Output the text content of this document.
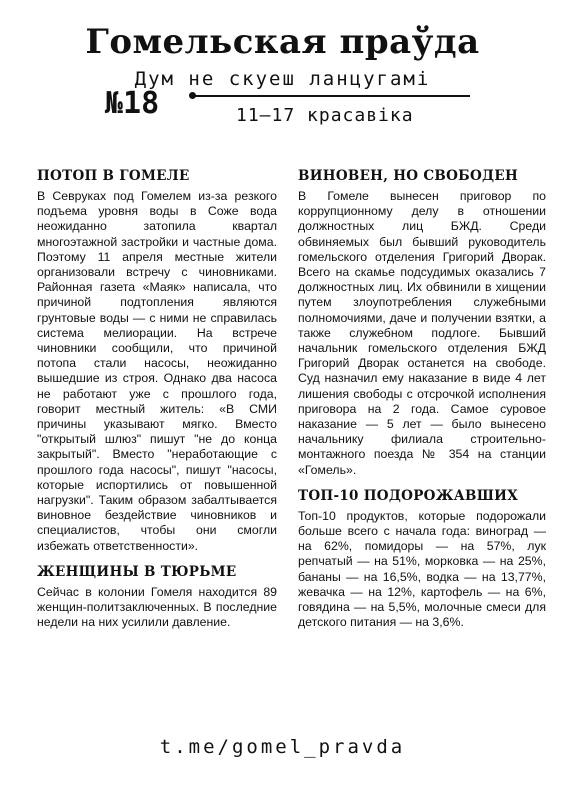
Гомельская праўда
Дум не скуеш ланцугамі
№18	11—17 красавіка
ПОТОП В ГОМЕЛЕ

В Севруках под Гомелем из-за резкого подъема уровня воды в Соже вода неожиданно затопила квартал многоэтажной застройки и частные дома. Поэтому 11 апреля местные жители организовали встречу с чиновниками. Районная газета «Маяк» написала, что причиной подтопления являются грунтовые воды — с ними не справилась система мелиорации. На встрече чиновники сообщили, что причиной потопа стали насосы, неожиданно вышедшие из строя. Однако два насоса не работают уже с прошлого года, говорит местный житель: «В СМИ причины указывают мягко. Вместо "открытый шлюз" пишут "не до конца закрытый". Вместо "неработающие с прошлого года насосы", пишут "насосы, которые испортились от повышенной нагрузки". Таким образом забалтывается виновное бездействие чиновников и специалистов, чтобы они смогли избежать ответственности».

ЖЕНЩИНЫ В ТЮРЬМЕ

Сейчас в колонии Гомеля находится 89 женщин-политзаключенных. В последние недели на них усилили давление.

ВИНОВЕН, НО СВОБОДЕН

В Гомеле вынесен приговор по коррупционному делу в отношении должностных лиц БЖД. Среди обвиняемых был бывший руководитель гомельского отделения Григорий Дворак. Всего на скамье подсудимых оказались 7 должностных лиц. Их обвинили в хищении путем злоупотребления служебными полномочиями, даче и получении взятки, а также служебном подлоге. Бывший начальник гомельского отделения БЖД Григорий Дворак останется на свободе. Суд назначил ему наказание в виде 4 лет лишения свободы с отсрочкой исполнения приговора на 2 года. Самое суровое наказание — 5 лет — было вынесено начальнику филиала строительно-монтажного поезда № 354 на станции «Гомель».

ТОП-10 ПОДОРОЖАВШИХ

Топ-10 продуктов, которые подорожали больше всего с начала года: виноград — на 62%, помидоры — на 57%, лук репчатый — на 51%, морковка — на 25%, бананы — на 16,5%, водка — на 13,77%, жевачка — на 12%, картофель — на 6%, говядина — на 5,5%, молочные смеси для детского питания — на 3,6%.

t.me/gomel_pravda
